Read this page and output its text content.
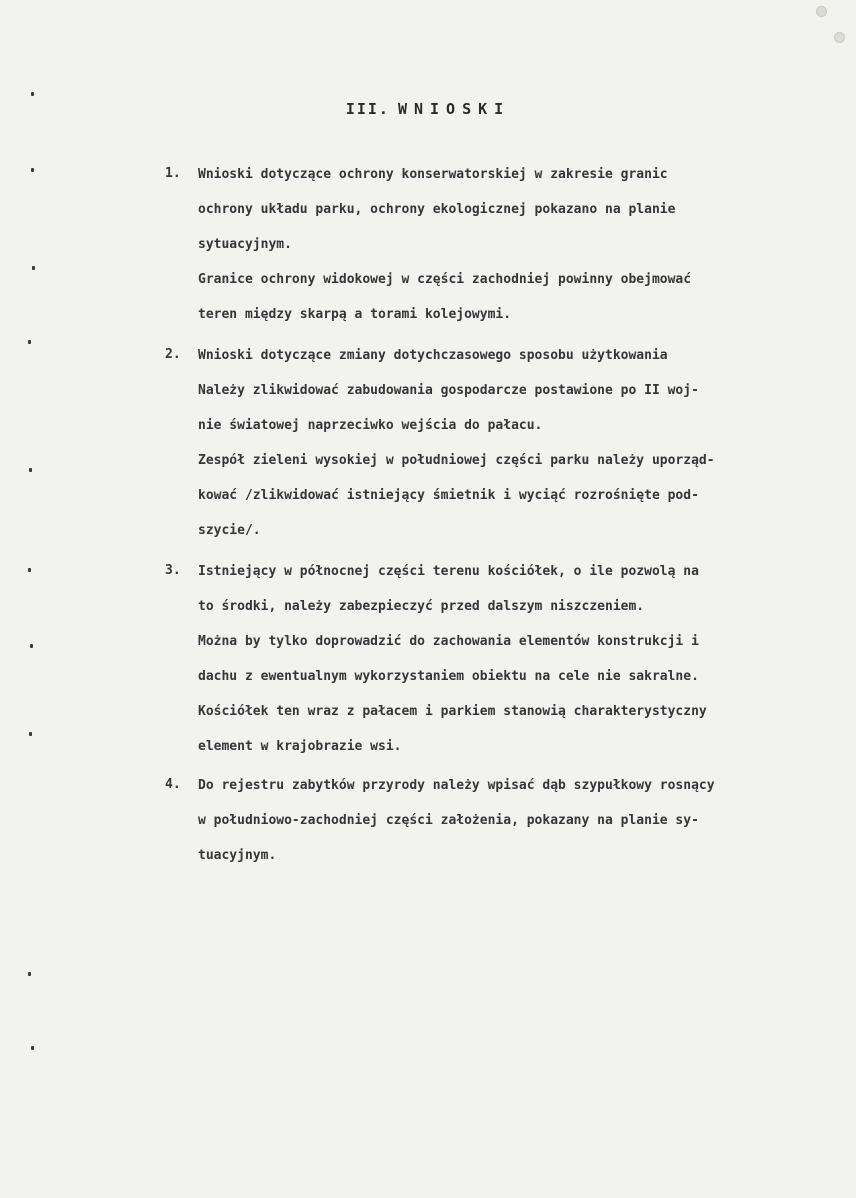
III. WNIOSKI
1. Wnioski dotyczące ochrony konserwatorskiej w zakresie granic
ochrony układu parku, ochrony ekologicznej pokazano na planie
sytuacyjnym.
Granice ochrony widokowej w części zachodniej powinny obejmować
teren między skarpą a torami kolejowymi.
2. Wnioski dotyczące zmiany dotychczasowego sposobu użytkowania
Należy zlikwidować zabudowania gospodarcze postawione po II woj-
nie światowej naprzeciwko wejścia do pałacu.
Zespół zieleni wysokiej w południowej części parku należy uporząd-
kować /zlikwidować istniejący śmietnik i wyciąć rozrośnięte pod-
szycie/.
3. Istniejący w północnej części terenu kościółek, o ile pozwolą na
to środki, należy zabezpieczyć przed dalszym niszczeniem.
Można by tylko doprowadzić do zachowania elementów konstrukcji i
dachu z ewentualnym wykorzystaniem obiektu na cele nie sakralne.
Kościółek ten wraz z pałacem i parkiem stanowią charakterystyczny
element w krajobrazie wsi.
4. Do rejestru zabytków przyrody należy wpisać dąb szypułkowy rosnący
w południowo-zachodniej części założenia, pokazany na planie sy-
tuacyjnym.
